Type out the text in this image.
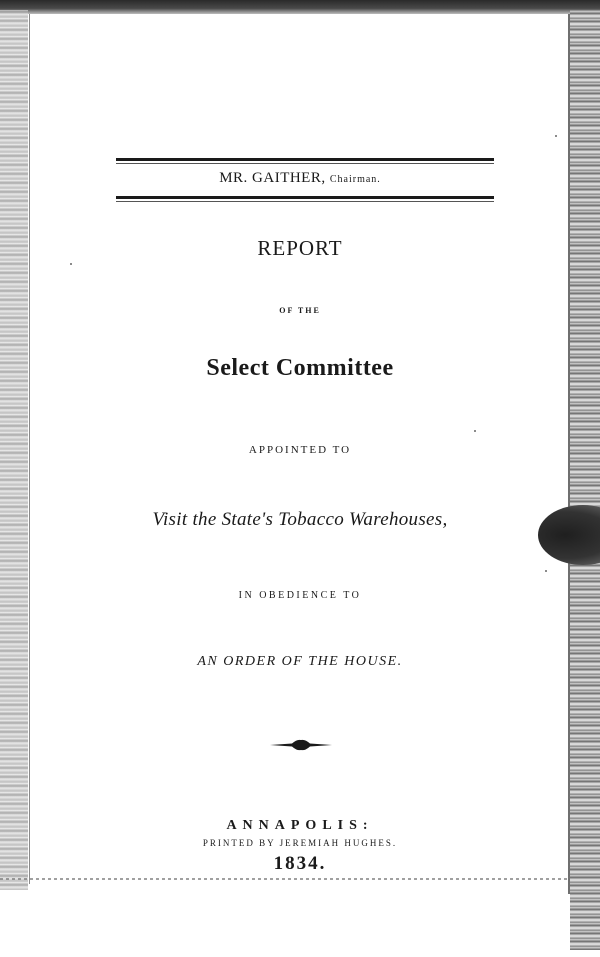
MR. GAITHER, Chairman.
REPORT
OF THE
Select Committee
APPOINTED TO
Visit the State's Tobacco Warehouses,
IN OBEDIENCE TO
AN ORDER OF THE HOUSE.
ANNAPOLIS:
PRINTED BY JEREMIAH HUGHES.
1834.
